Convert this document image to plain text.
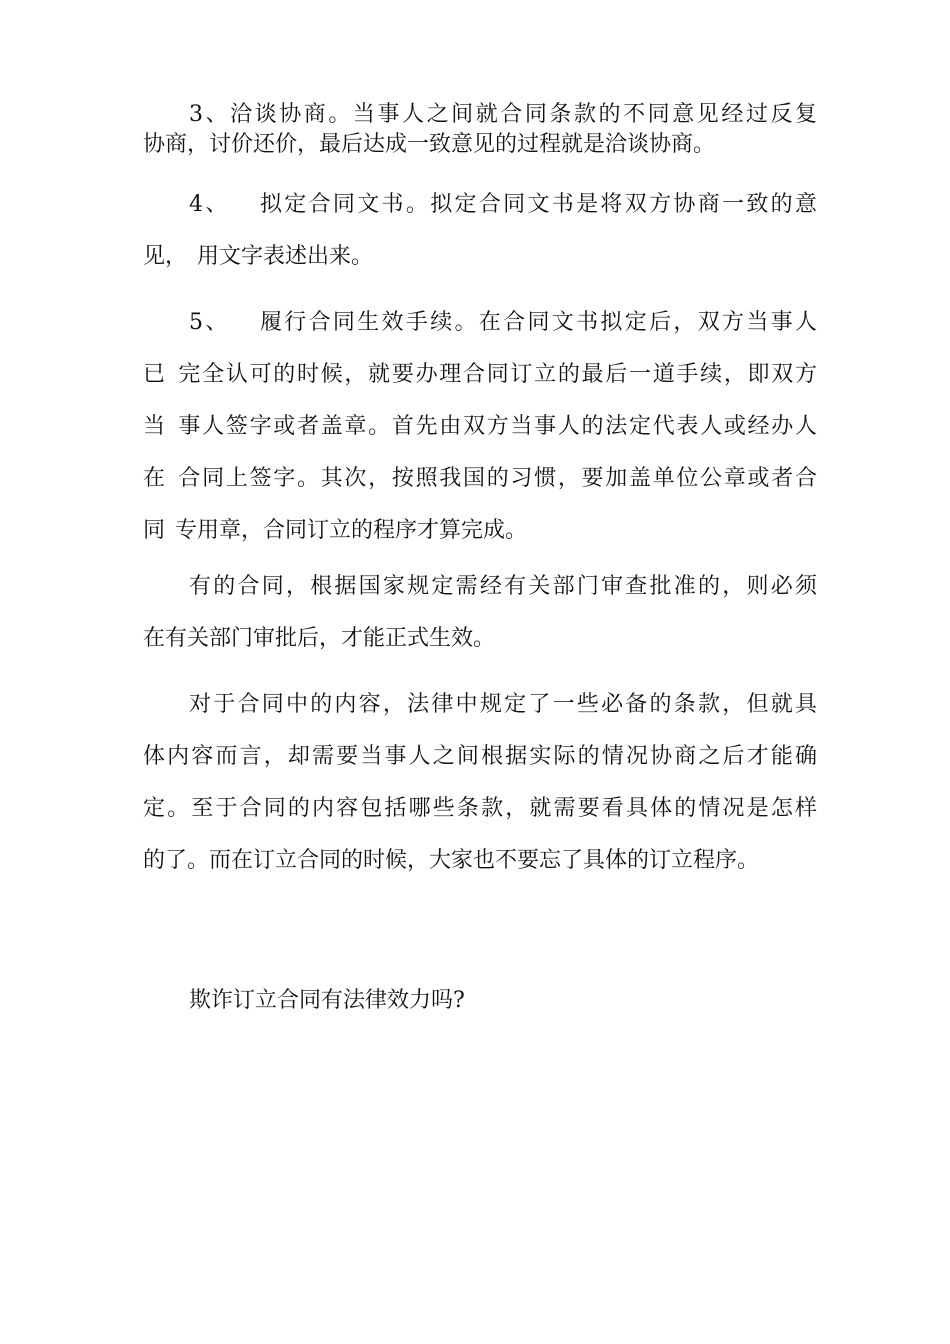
3、洽谈协商。当事人之间就合同条款的不同意见经过反复
协商，讨价还价，最后达成一致意见的过程就是洽谈协商。
4、 拟定合同文书。拟定合同文书是将双方协商一致的意
见， 用文字表述出来。
5、 履行合同生效手续。在合同文书拟定后，双方当事人
已 完全认可的时候，就要办理合同订立的最后一道手续，即双方
当 事人签字或者盖章。首先由双方当事人的法定代表人或经办人
在 合同上签字。其次，按照我国的习惯，要加盖单位公章或者合
同 专用章，合同订立的程序才算完成。
有的合同，根据国家规定需经有关部门审查批准的，则必须
在有关部门审批后，才能正式生效。
对于合同中的内容，法律中规定了一些必备的条款，但就具
体内容而言，却需要当事人之间根据实际的情况协商之后才能确
定。至于合同的内容包括哪些条款，就需要看具体的情况是怎样
的了。而在订立合同的时候，大家也不要忘了具体的订立程序。
欺诈订立合同有法律效力吗?
